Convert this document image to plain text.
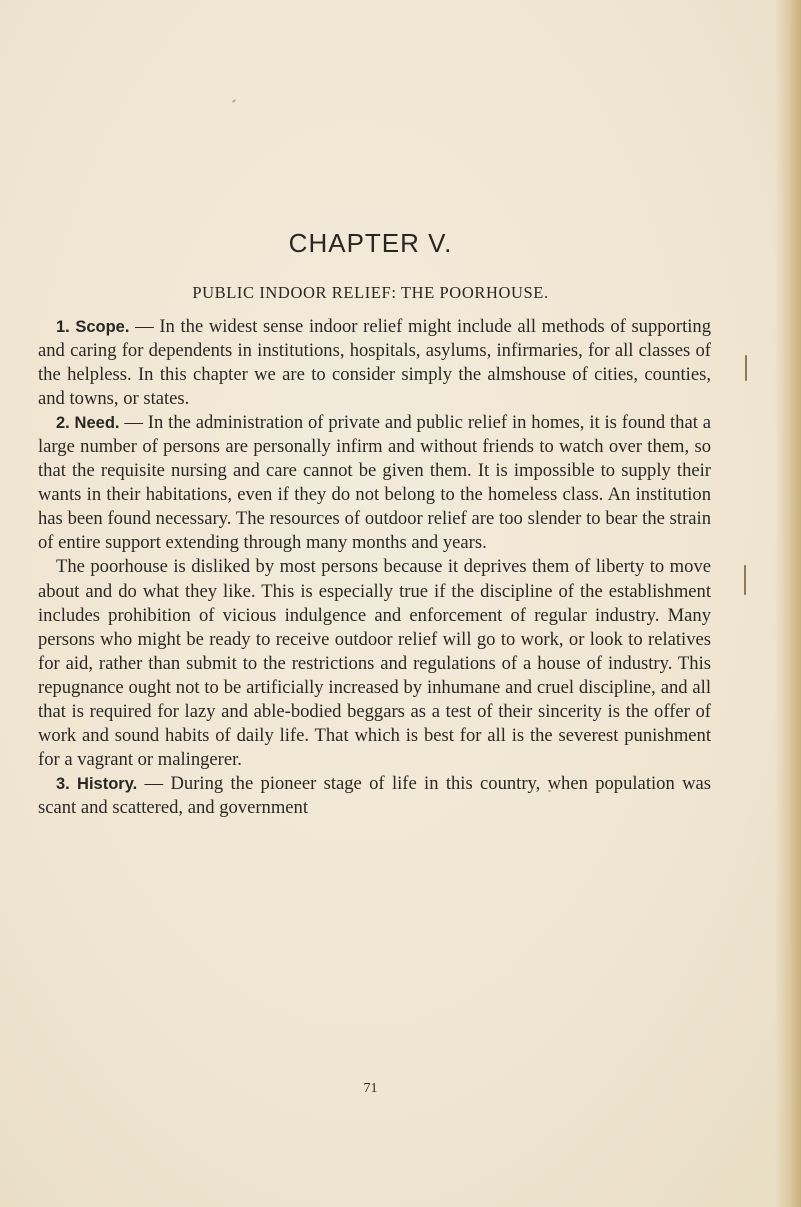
CHAPTER V.
PUBLIC INDOOR RELIEF: THE POORHOUSE.

1. Scope. — In the widest sense indoor relief might include all methods of supporting and caring for dependents in institutions, hospitals, asylums, infirmaries, for all classes of the helpless. In this chapter we are to consider simply the almshouse of cities, counties, and towns, or states.

2. Need. — In the administration of private and public relief in homes, it is found that a large number of persons are personally infirm and without friends to watch over them, so that the requisite nursing and care cannot be given them. It is impossible to supply their wants in their habitations, even if they do not belong to the homeless class. An institution has been found necessary. The resources of outdoor relief are too slender to bear the strain of entire support extending through many months and years.

The poorhouse is disliked by most persons because it deprives them of liberty to move about and do what they like. This is especially true if the discipline of the establishment includes prohibition of vicious indulgence and enforcement of regular industry. Many persons who might be ready to receive outdoor relief will go to work, or look to relatives for aid, rather than submit to the restrictions and regulations of a house of industry. This repugnance ought not to be artificially increased by inhumane and cruel discipline, and all that is required for lazy and able-bodied beggars as a test of their sincerity is the offer of work and sound habits of daily life. That which is best for all is the severest punishment for a vagrant or malingerer.

3. History. — During the pioneer stage of life in this country, when population was scant and scattered, and government

71
